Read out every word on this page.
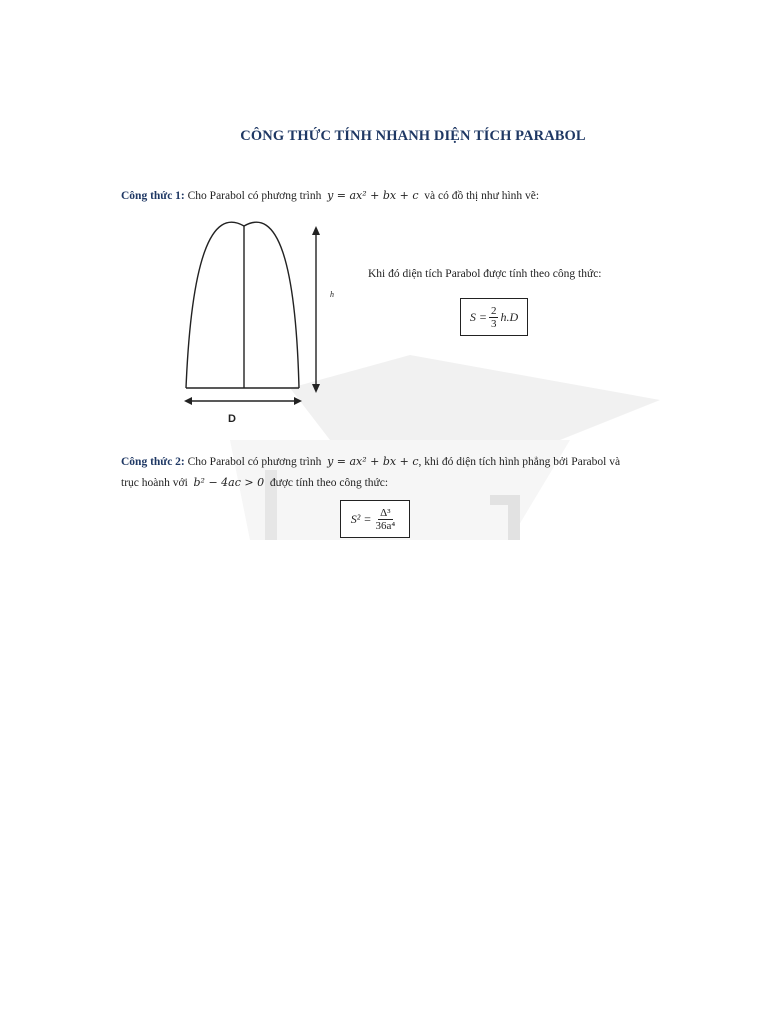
CÔNG THỨC TÍNH NHANH DIỆN TÍCH PARABOL
Công thức 1: Cho Parabol có phương trình y = ax² + bx + c và có đồ thị như hình vẽ:
h
D
Khi đó diện tích Parabol được tính theo công thức:
$S = \frac{2}{3} h.D$
Công thức 2: Cho Parabol có phương trình y = ax² + bx + c, khi đó diện tích hình phẳng bởi Parabol và
trục hoành với b² − 4ac > 0 được tính theo công thức:
$S^2 = \frac{\text{Δ³}}{\text{36a⁴}}$
